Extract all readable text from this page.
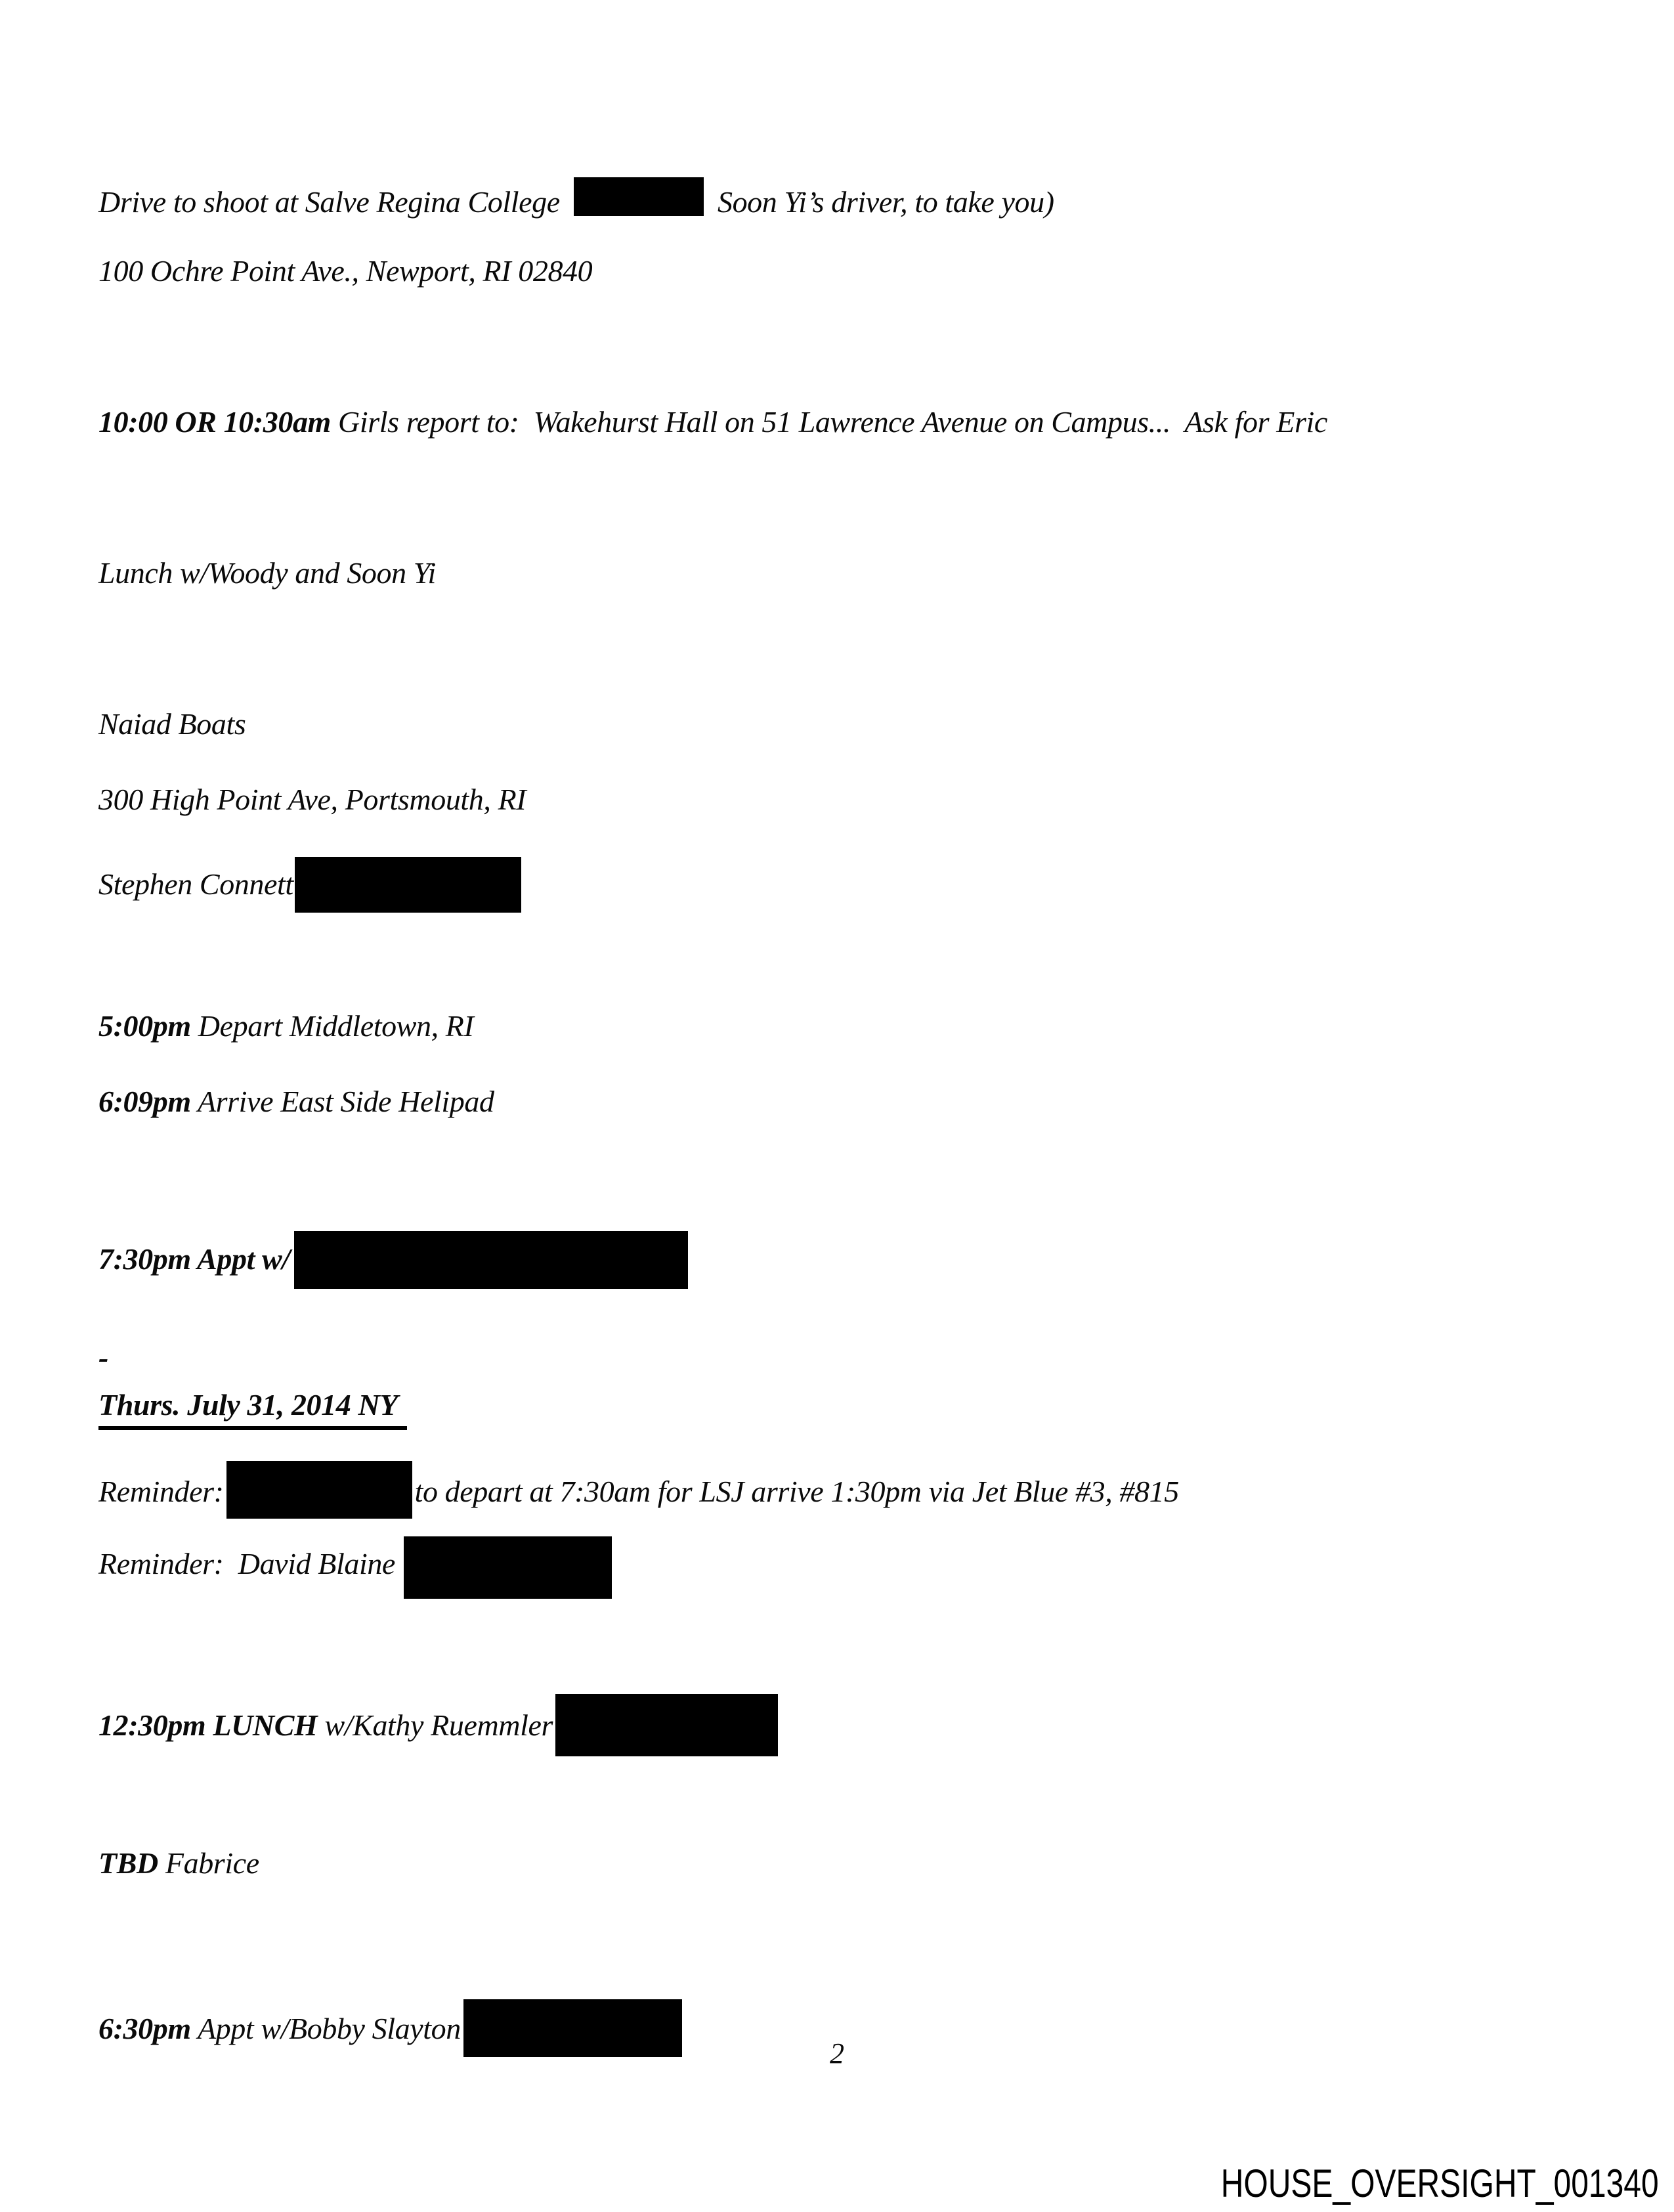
Drive to shoot at Salve Regina College	Soon Yi’s driver, to take you)
100 Ochre Point Ave., Newport, RI 02840
10:00 OR 10:30am Girls report to:  Wakehurst Hall on 51 Lawrence Avenue on Campus...  Ask for Eric
Lunch w/Woody and Soon Yi
Naiad Boats
300 High Point Ave, Portsmouth, RI
Stephen Connett
5:00pm Depart Middletown, RI
6:09pm Arrive East Side Helipad
7:30pm Appt w/
-
Thurs. July 31, 2014 NY
Reminder:	to depart at 7:30am for LSJ arrive 1:30pm via Jet Blue #3, #815
Reminder:  David Blaine
12:30pm LUNCH w/Kathy Ruemmler
TBD Fabrice
6:30pm Appt w/Bobby Slayton
2
HOUSE_OVERSIGHT_001340
